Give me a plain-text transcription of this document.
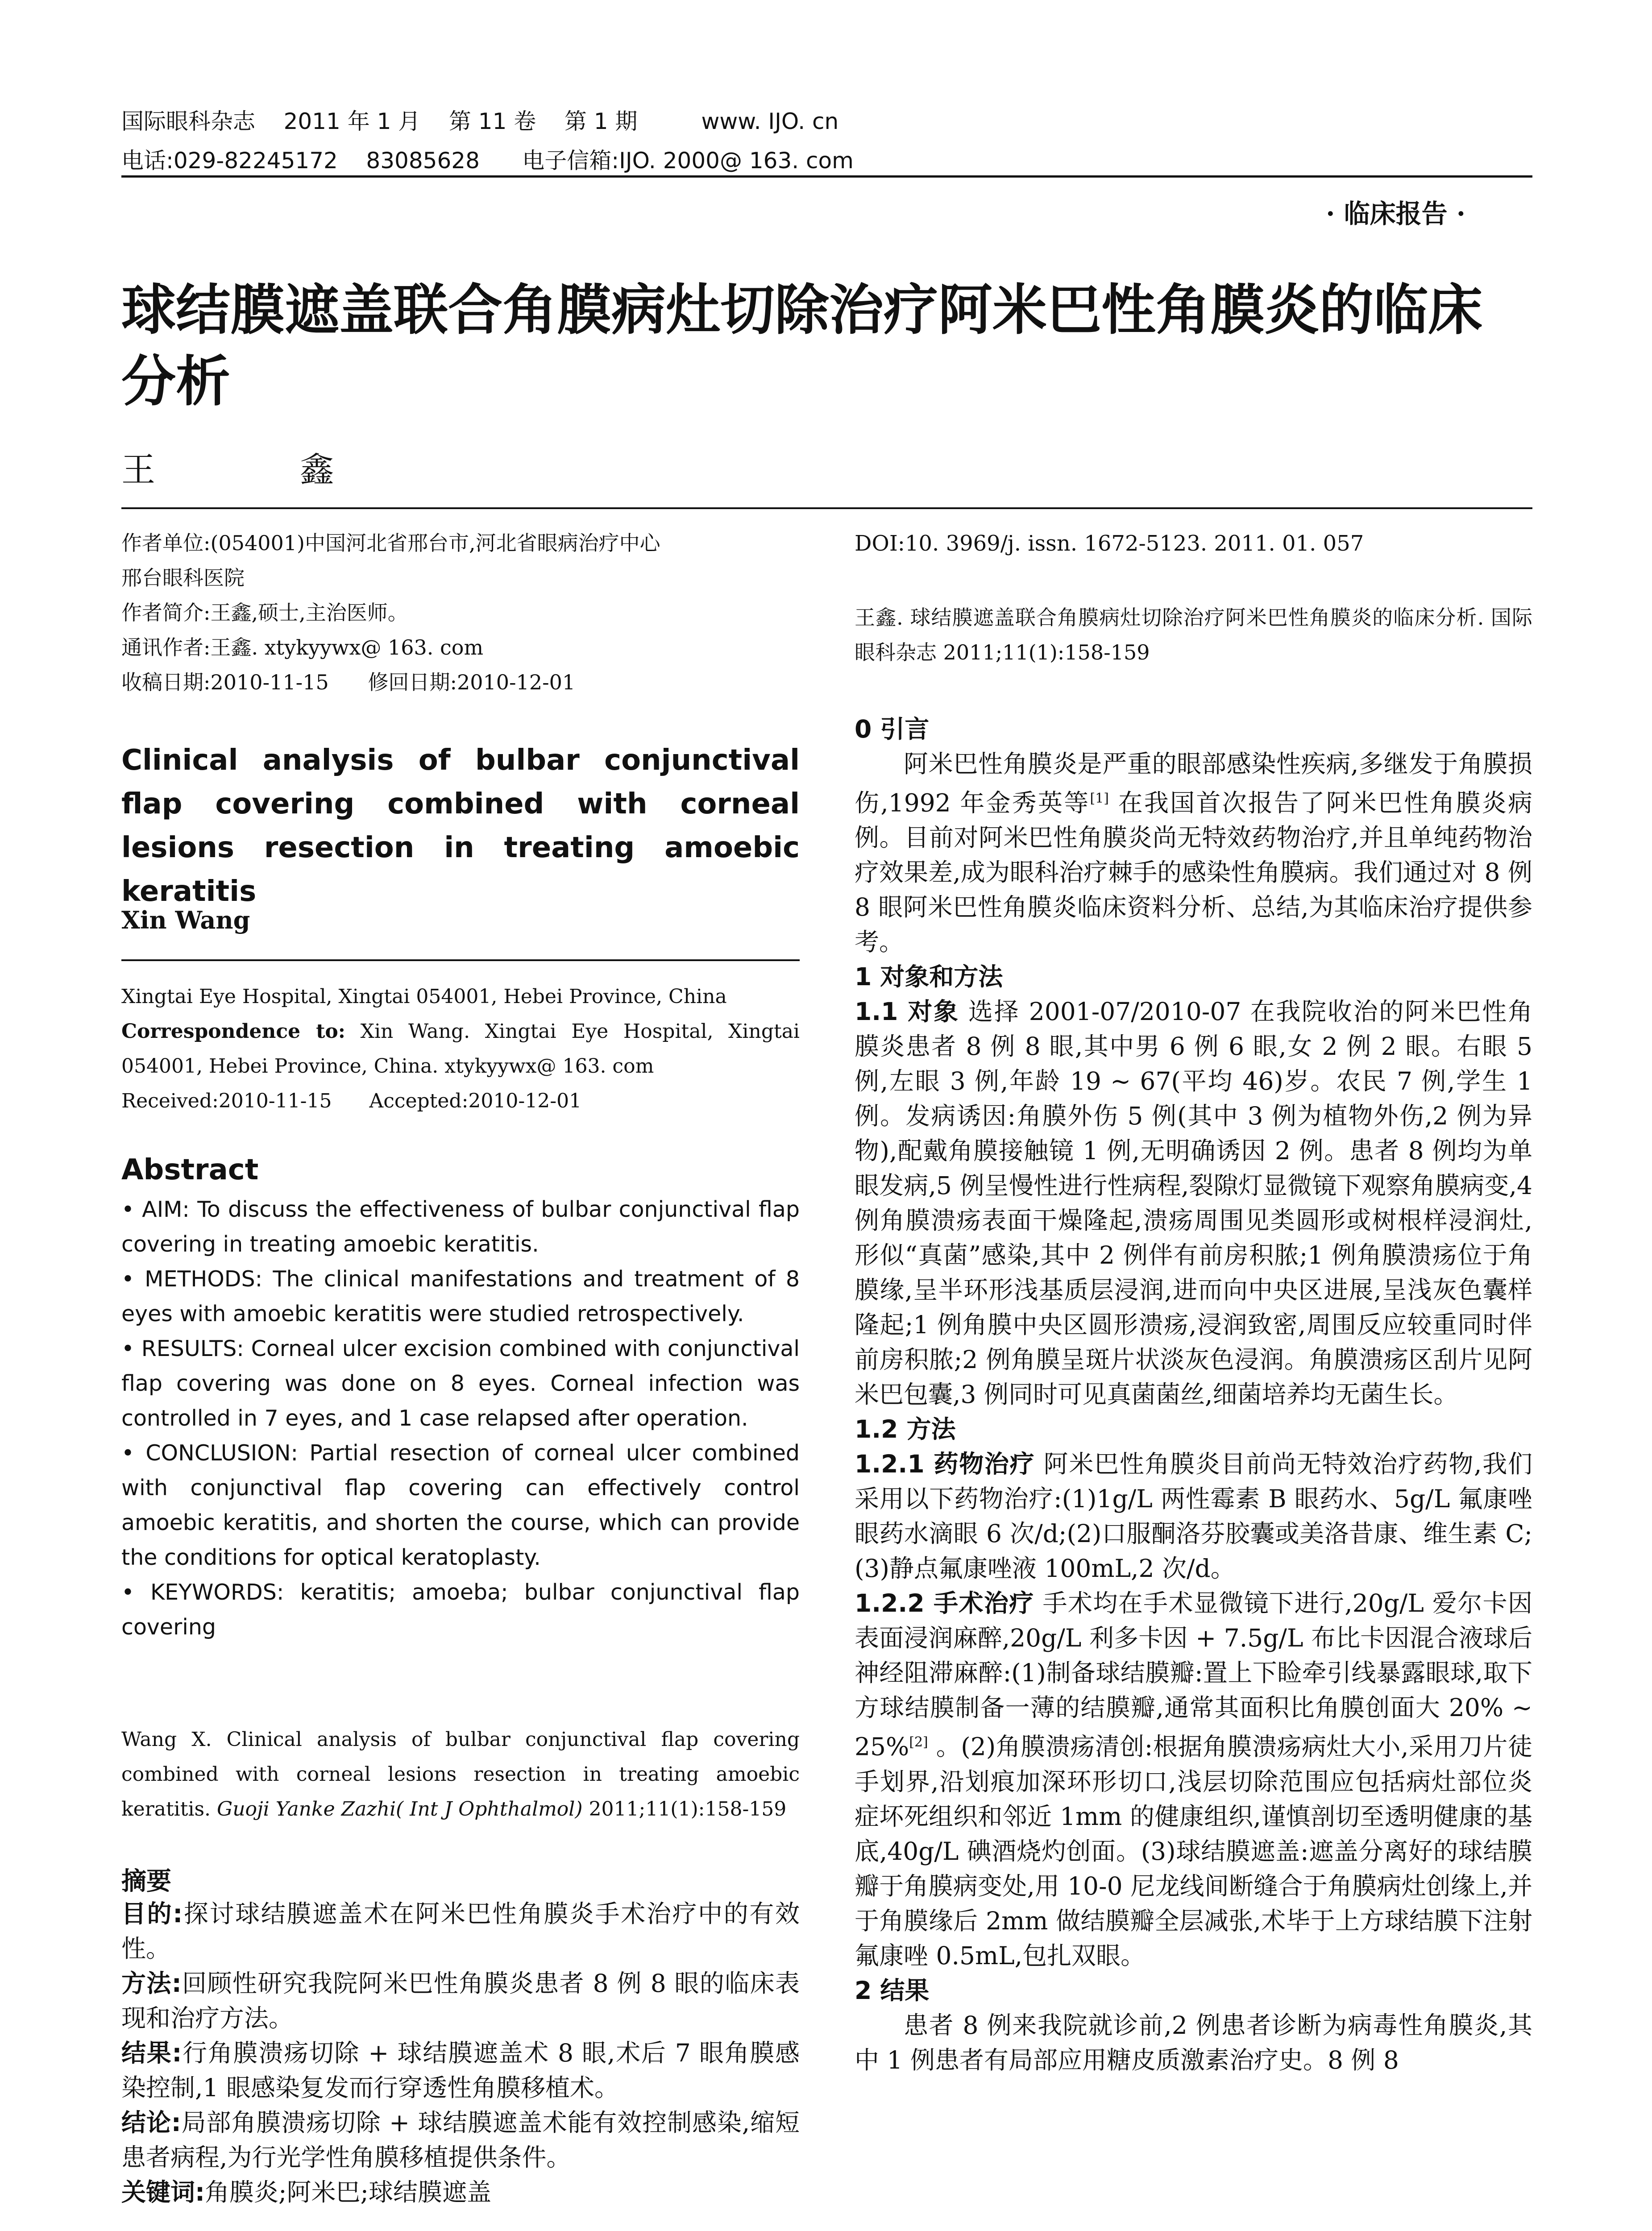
国际眼科杂志    2011 年 1 月    第 11 卷    第 1 期         www. IJO. cn
电话:029-82245172    83085628      电子信箱:IJO. 2000@ 163. com
· 临床报告 ·
球结膜遮盖联合角膜病灶切除治疗阿米巴性角膜炎的临床分析
王 鑫
作者单位:(054001)中国河北省邢台市,河北省眼病治疗中心
邢台眼科医院
作者简介:王鑫,硕士,主治医师。
通讯作者:王鑫. xtykyywx@ 163. com
收稿日期:2010-11-15      修回日期:2010-12-01
Clinical analysis of bulbar conjunctival flap covering combined with corneal lesions resection in treating amoebic keratitis
Xin Wang
Xingtai Eye Hospital, Xingtai 054001, Hebei Province, China
Correspondence to: Xin Wang. Xingtai Eye Hospital, Xingtai 054001, Hebei Province, China. xtykyywx@ 163. com
Received:2010-11-15      Accepted:2010-12-01
Abstract

• AIM: To discuss the effectiveness of bulbar conjunctival flap covering in treating amoebic keratitis.

• METHODS: The clinical manifestations and treatment of 8 eyes with amoebic keratitis were studied retrospectively.

• RESULTS: Corneal ulcer excision combined with conjunctival flap covering was done on 8 eyes. Corneal infection was controlled in 7 eyes, and 1 case relapsed after operation.

• CONCLUSION: Partial resection of corneal ulcer combined with conjunctival flap covering can effectively control amoebic keratitis, and shorten the course, which can provide the conditions for optical keratoplasty.

• KEYWORDS: keratitis; amoeba; bulbar conjunctival flap covering

Wang X. Clinical analysis of bulbar conjunctival flap covering combined with corneal lesions resection in treating amoebic keratitis. Guoji Yanke Zazhi( Int J Ophthalmol) 2011;11(1):158-159
摘要

目的:探讨球结膜遮盖术在阿米巴性角膜炎手术治疗中的有效性。

方法:回顾性研究我院阿米巴性角膜炎患者 8 例 8 眼的临床表现和治疗方法。

结果:行角膜溃疡切除 + 球结膜遮盖术 8 眼,术后 7 眼角膜感染控制,1 眼感染复发而行穿透性角膜移植术。

结论:局部角膜溃疡切除 + 球结膜遮盖术能有效控制感染,缩短患者病程,为行光学性角膜移植提供条件。

关键词:角膜炎;阿米巴;球结膜遮盖

DOI:10. 3969/j. issn. 1672-5123. 2011. 01. 057
王鑫. 球结膜遮盖联合角膜病灶切除治疗阿米巴性角膜炎的临床分析. 国际眼科杂志 2011;11(1):158-159
0 引言

阿米巴性角膜炎是严重的眼部感染性疾病,多继发于角膜损伤,1992 年金秀英等[1] 在我国首次报告了阿米巴性角膜炎病例。目前对阿米巴性角膜炎尚无特效药物治疗,并且单纯药物治疗效果差,成为眼科治疗棘手的感染性角膜病。我们通过对 8 例 8 眼阿米巴性角膜炎临床资料分析、总结,为其临床治疗提供参考。

1 对象和方法

1.1 对象 选择 2001-07/2010-07 在我院收治的阿米巴性角膜炎患者 8 例 8 眼,其中男 6 例 6 眼,女 2 例 2 眼。右眼 5 例,左眼 3 例,年龄 19 ~ 67(平均 46)岁。农民 7 例,学生 1 例。发病诱因:角膜外伤 5 例(其中 3 例为植物外伤,2 例为异物),配戴角膜接触镜 1 例,无明确诱因 2 例。患者 8 例均为单眼发病,5 例呈慢性进行性病程,裂隙灯显微镜下观察角膜病变,4 例角膜溃疡表面干燥隆起,溃疡周围见类圆形或树根样浸润灶,形似“真菌”感染,其中 2 例伴有前房积脓;1 例角膜溃疡位于角膜缘,呈半环形浅基质层浸润,进而向中央区进展,呈浅灰色囊样隆起;1 例角膜中央区圆形溃疡,浸润致密,周围反应较重同时伴前房积脓;2 例角膜呈斑片状淡灰色浸润。角膜溃疡区刮片见阿米巴包囊,3 例同时可见真菌菌丝,细菌培养均无菌生长。

1.2 方法

1.2.1 药物治疗 阿米巴性角膜炎目前尚无特效治疗药物,我们采用以下药物治疗:(1)1g/L 两性霉素 B 眼药水、5g/L 氟康唑眼药水滴眼 6 次/d;(2)口服酮洛芬胶囊或美洛昔康、维生素 C;(3)静点氟康唑液 100mL,2 次/d。

1.2.2 手术治疗 手术均在手术显微镜下进行,20g/L 爱尔卡因表面浸润麻醉,20g/L 利多卡因 + 7.5g/L 布比卡因混合液球后神经阻滞麻醉:(1)制备球结膜瓣:置上下睑牵引线暴露眼球,取下方球结膜制备一薄的结膜瓣,通常其面积比角膜创面大 20% ~ 25%[2] 。(2)角膜溃疡清创:根据角膜溃疡病灶大小,采用刀片徒手划界,沿划痕加深环形切口,浅层切除范围应包括病灶部位炎症坏死组织和邻近 1mm 的健康组织,谨慎剖切至透明健康的基底,40g/L 碘酒烧灼创面。(3)球结膜遮盖:遮盖分离好的球结膜瓣于角膜病变处,用 10-0 尼龙线间断缝合于角膜病灶创缘上,并于角膜缘后 2mm 做结膜瓣全层减张,术毕于上方球结膜下注射氟康唑 0.5mL,包扎双眼。

2 结果

患者 8 例来我院就诊前,2 例患者诊断为病毒性角膜炎,其中 1 例患者有局部应用糖皮质激素治疗史。8 例 8
